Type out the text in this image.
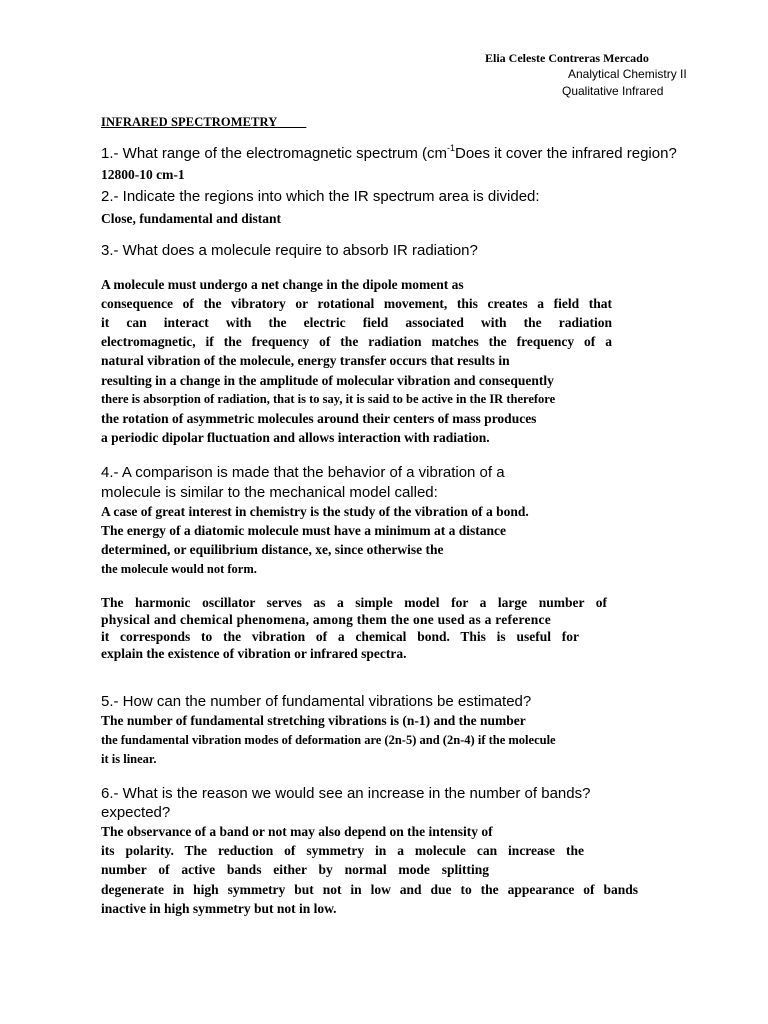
Elia Celeste Contreras Mercado
Analytical Chemistry II
Qualitative Infrared
INFRARED SPECTROMETRY
1.- What range of the electromagnetic spectrum ($cm^{-1}Does$ it cover the infrared region?
12800-10 cm-1
2.- Indicate the regions into which the IR spectrum area is divided:
Close, fundamental and distant
3.- What does a molecule require to absorb IR radiation?
A molecule must undergo a net change in the dipole moment as
consequence of the vibratory or rotational movement, this creates a field that
it can interact with the electric field associated with the radiation
electromagnetic, if the frequency of the radiation matches the frequency of a
natural vibration of the molecule, energy transfer occurs that results in
resulting in a change in the amplitude of molecular vibration and consequently
there is absorption of radiation, that is to say, it is said to be active in the IR therefore
the rotation of asymmetric molecules around their centers of mass produces
a periodic dipolar fluctuation and allows interaction with radiation.
4.- A comparison is made that the behavior of a vibration of a
molecule is similar to the mechanical model called:
A case of great interest in chemistry is the study of the vibration of a bond.
The energy of a diatomic molecule must have a minimum at a distance
determined, or equilibrium distance, xe, since otherwise the
the molecule would not form.
The harmonic oscillator serves as a simple model for a large number of
physical and chemical phenomena, among them the one used as a reference
it corresponds to the vibration of a chemical bond. This is useful for
explain the existence of vibration or infrared spectra.
5.- How can the number of fundamental vibrations be estimated?
The number of fundamental stretching vibrations is (n-1) and the number
the fundamental vibration modes of deformation are (2n-5) and (2n-4) if the molecule
it is linear.
6.- What is the reason we would see an increase in the number of bands?
expected?
The observance of a band or not may also depend on the intensity of
its polarity. The reduction of symmetry in a molecule can increase the
number of active bands either by normal mode splitting
degenerate in high symmetry but not in low and due to the appearance of bands
inactive in high symmetry but not in low.
